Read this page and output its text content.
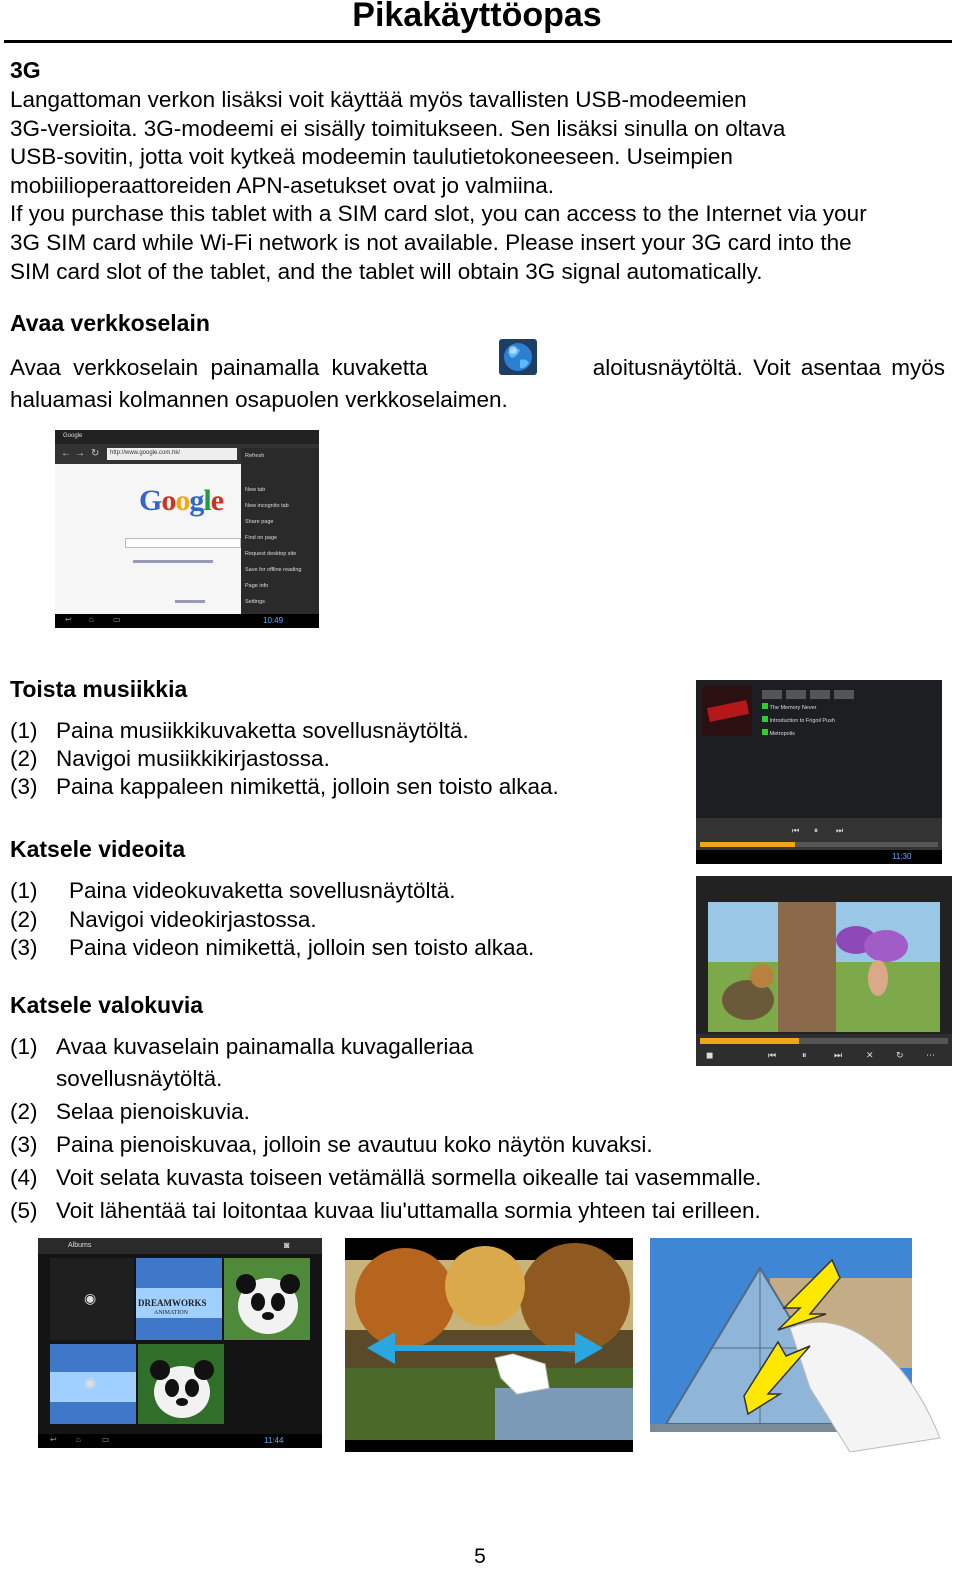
Pikakäyttöopas
3G
Langattoman verkon lisäksi voit käyttää myös tavallisten USB-modeemien
3G-versioita. 3G-modeemi ei sisälly toimitukseen. Sen lisäksi sinulla on oltava
USB-sovitin, jotta voit kytkeä modeemin taulutietokoneeseen. Useimpien
mobiilioperaattoreiden APN-asetukset ovat jo valmiina.
If you purchase this tablet with a SIM card slot, you can access to the Internet via your
3G SIM card while Wi-Fi network is not available. Please insert your 3G card into the
SIM card slot of the tablet, and the tablet will obtain 3G signal automatically.
Avaa verkkoselain
Avaa verkkoselain painamalla kuvaketta	aloitusnäytöltä. Voit asentaa myös
haluamasi kolmannen osapuolen verkkoselaimen.
Google
← → ↻ http://www.google.com.hk/
Google
Refresh
New tab
New incognito tab
Share page
Find on page
Request desktop site
Save for offline reading
Page info
Settings
↩ ⌂ ▭	10:49
Toista musiikkia
(1) Paina musiikkikuvaketta sovellusnäytöltä.
(2) Navigoi musiikkikirjastossa.
(3) Paina kappaleen nimikettä, jolloin sen toisto alkaa.
The Memory Never
Introduction to Frigoil Push
Metropolis
⏮ ⏸ ⏭
11:30
Katsele videoita
(1) Paina videokuvaketta sovellusnäytöltä.
(2) Navigoi videokirjastossa.
(3) Paina videon nimikettä, jolloin sen toisto alkaa.
◼	⏮	⏸	⏭	✕ ↻ ⋯
Katsele valokuvia
(1) Avaa kuvaselain painamalla kuvagalleriaa
sovellusnäytöltä.
(2) Selaa pienoiskuvia.
(3) Paina pienoiskuvaa, jolloin se avautuu koko näytön kuvaksi.
(4) Voit selata kuvasta toiseen vetämällä sormella oikealle tai vasemmalle.
(5) Voit lähentää tai loitontaa kuvaa liu'uttamalla sormia yhteen tai erilleen.
Albums	◙
◉	DREAMWORKS
ANIMATION
◉
↩ ⌂	▭	11:44
5
